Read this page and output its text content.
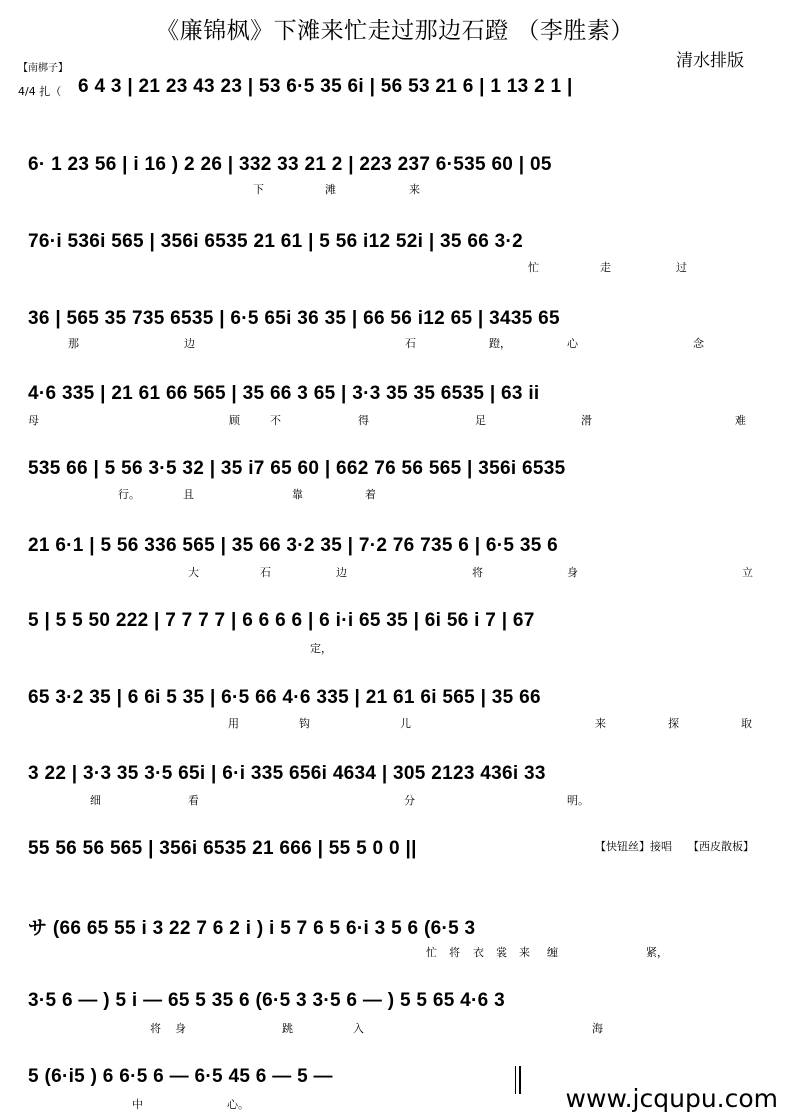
《廉锦枫》下滩来忙走过那边石蹬 （李胜素）
清水排版
【南梆子】
4/4 扎（ 6 4 3 | 21 23 43 23 | 53 6·5 35 6i | 56 53 21 6 | 1 13 2 1 |
6· 1 23 56 | i 16 ) 2 26 | 332 33 21 2 | 223 237 6·535 60 | 05
下	滩	来
76·i 536i 565 | 356i 6535 21 61 | 5 56 i12 52i | 35 66 3·2
忙	走	过
36 | 565 35 735 6535 | 6·5 65i 36 35 | 66 56 i12 65 | 3435 65
那	边	石	蹬，	心	念
4·6 335 | 21 61 66 565 | 35 66 3 65 | 3·3 35 35 6535 | 63 ii
母	顾	不	得	足	滑	难
535 66 | 5 56 3·5 32 | 35 i7 65 60 | 662 76 56 565 | 356i 6535
行。	且	靠	着
21 6·1 | 5 56 336 565 | 35 66 3·2 35 | 7·2 76 735 6 | 6·5 35 6
大	石	边	将	身	立
5 | 5 5 50 222 | 7 7 7 7 | 6 6 6 6 | 6 i·i 65 35 | 6i 56 i 7 | 67
定，
65 3·2 35 | 6 6i 5 35 | 6·5 66 4·6 335 | 21 61 6i 565 | 35 66
用	钩	儿	来	探	取
3 22 | 3·3 35 3·5 65i | 6·i 335 656i 4634 | 305 2123 436i 33
细	看	分	明。
55 56 56 565 | 356i 6535 21 666 | 55 5 0 0 ||	【快钮丝】接唱 【西皮散板】
サ (66 65 55 i 3 22 7 6 2 i ) i 5 7 6 5 6·i 3 5 6 (6·5 3
忙 将 衣 裳 来 缠	紧，
3·5 6 — ) 5 i — 65 5 35 6 (6·5 3 3·5 6 — ) 5 5 65 4·6 3
将 身	跳	入	海
5 (6·i5 ) 6 6·5 6 — 6·5 45 6 — 5 —
中	心。	www.jcqupu.com
